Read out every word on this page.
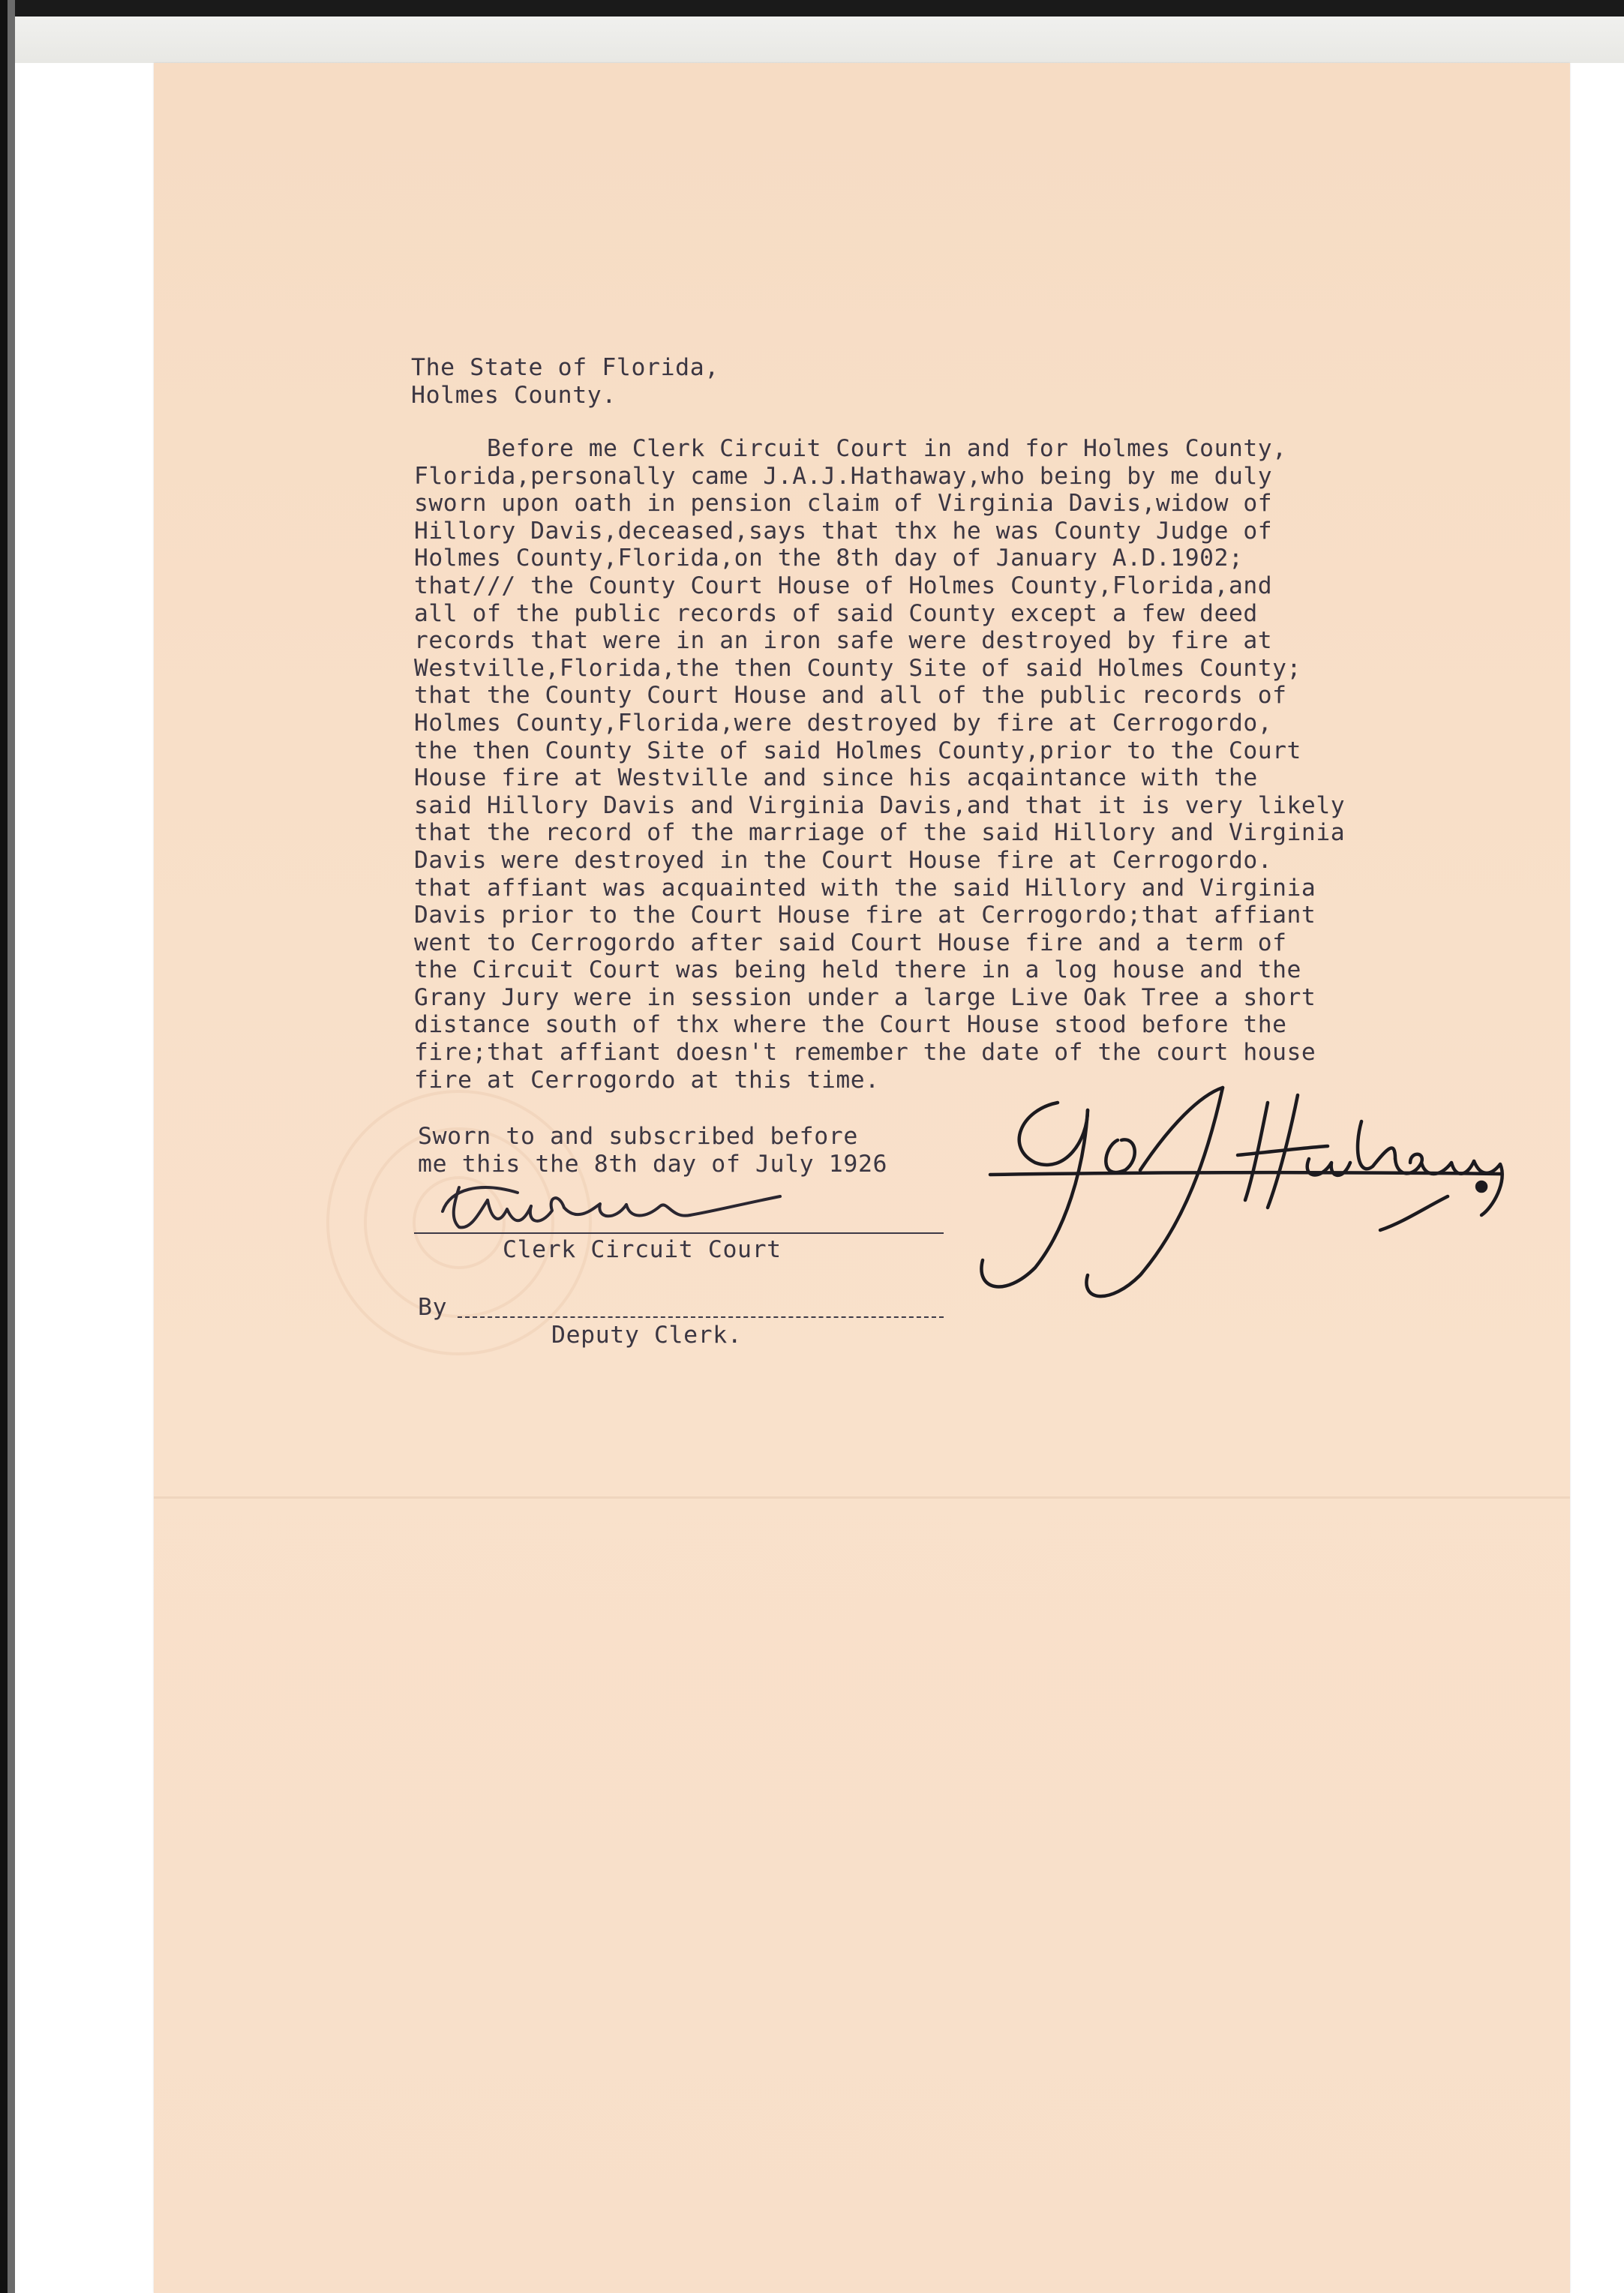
The State of Florida,
Holmes County.
Before me Clerk Circuit Court in and for Holmes County,
Florida,personally came J.A.J.Hathaway,who being by me duly
sworn upon oath in pension claim of Virginia Davis,widow of
Hillory Davis,deceased,says that thx he was County Judge of
Holmes County,Florida,on the 8th day of January A.D.1902;
that/// the County Court House of Holmes County,Florida,and
all of the public records of said County except a few deed
records that were in an iron safe were destroyed by fire at
Westville,Florida,the then County Site of said Holmes County;
that the County Court House and all of the public records of
Holmes County,Florida,were destroyed by fire at Cerrogordo,
the then County Site of said Holmes County,prior to the Court
House fire at Westville and since his acqaintance with the
said Hillory Davis and Virginia Davis,and that it is very likely
that the record of the marriage of the said Hillory and Virginia
Davis were destroyed in the Court House fire at Cerrogordo.
that affiant was acquainted with the said Hillory and Virginia
Davis prior to the Court House fire at Cerrogordo;that affiant
went to Cerrogordo after said Court House fire and a term of
the Circuit Court was being held there in a log house and the
Grany Jury were in session under a large Live Oak Tree a short
distance south of thx where the Court House stood before the
fire;that affiant doesn't remember the date of the court house
fire at Cerrogordo at this time.
Sworn to and subscribed before
me this the 8th day of July 1926
Clerk Circuit Court
By
Deputy Clerk.
